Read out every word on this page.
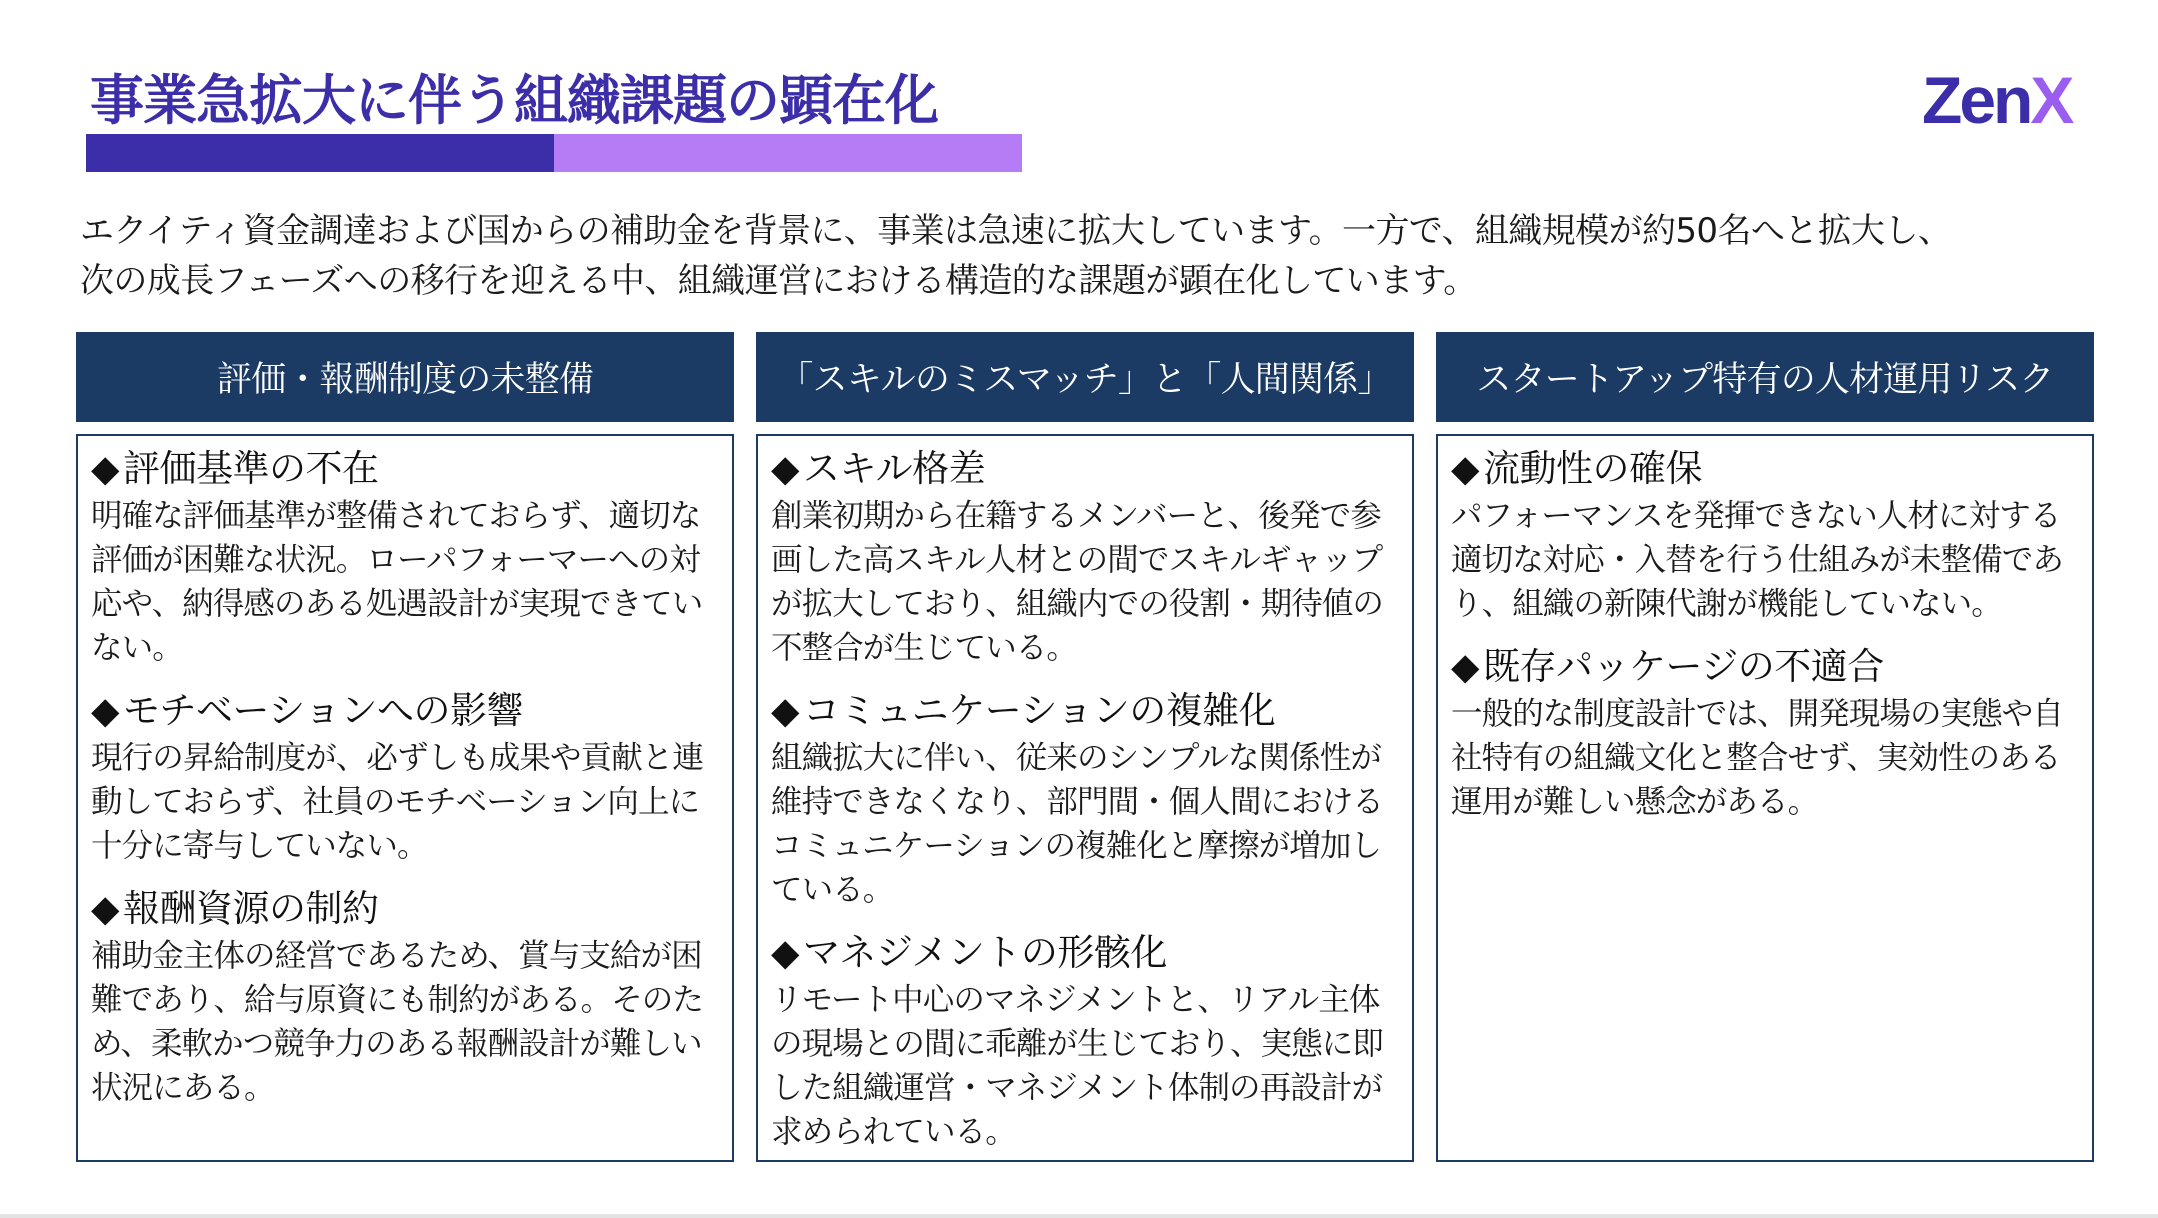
事業急拡大に伴う組織課題の顕在化	ZenX
エクイティ資金調達および国からの補助金を背景に、事業は急速に拡大しています。一方で、組織規模が約50名へと拡大し、
次の成長フェーズへの移行を迎える中、組織運営における構造的な課題が顕在化しています。
評価・報酬制度の未整備
◆ 評価基準の不在
明確な評価基準が整備されておらず、適切な評価が困難な状況。ローパフォーマーへの対応や、納得感のある処遇設計が実現できていない。
◆ モチベーションへの影響
現行の昇給制度が、必ずしも成果や貢献と連動しておらず、社員のモチベーション向上に十分に寄与していない。
◆ 報酬資源の制約
補助金主体の経営であるため、賞与支給が困難であり、給与原資にも制約がある。そのため、柔軟かつ競争力のある報酬設計が難しい状況にある。
「スキルのミスマッチ」と「人間関係」
◆ スキル格差
創業初期から在籍するメンバーと、後発で参画した高スキル人材との間でスキルギャップが拡大しており、組織内での役割・期待値の不整合が生じている。
◆ コミュニケーションの複雑化
組織拡大に伴い、従来のシンプルな関係性が維持できなくなり、部門間・個人間におけるコミュニケーションの複雑化と摩擦が増加している。
◆ マネジメントの形骸化
リモート中心のマネジメントと、リアル主体の現場との間に乖離が生じており、実態に即した組織運営・マネジメント体制の再設計が求められている。
スタートアップ特有の人材運用リスク
◆ 流動性の確保
パフォーマンスを発揮できない人材に対する適切な対応・入替を行う仕組みが未整備であり、組織の新陳代謝が機能していない。
◆ 既存パッケージの不適合
一般的な制度設計では、開発現場の実態や自社特有の組織文化と整合せず、実効性のある運用が難しい懸念がある。
